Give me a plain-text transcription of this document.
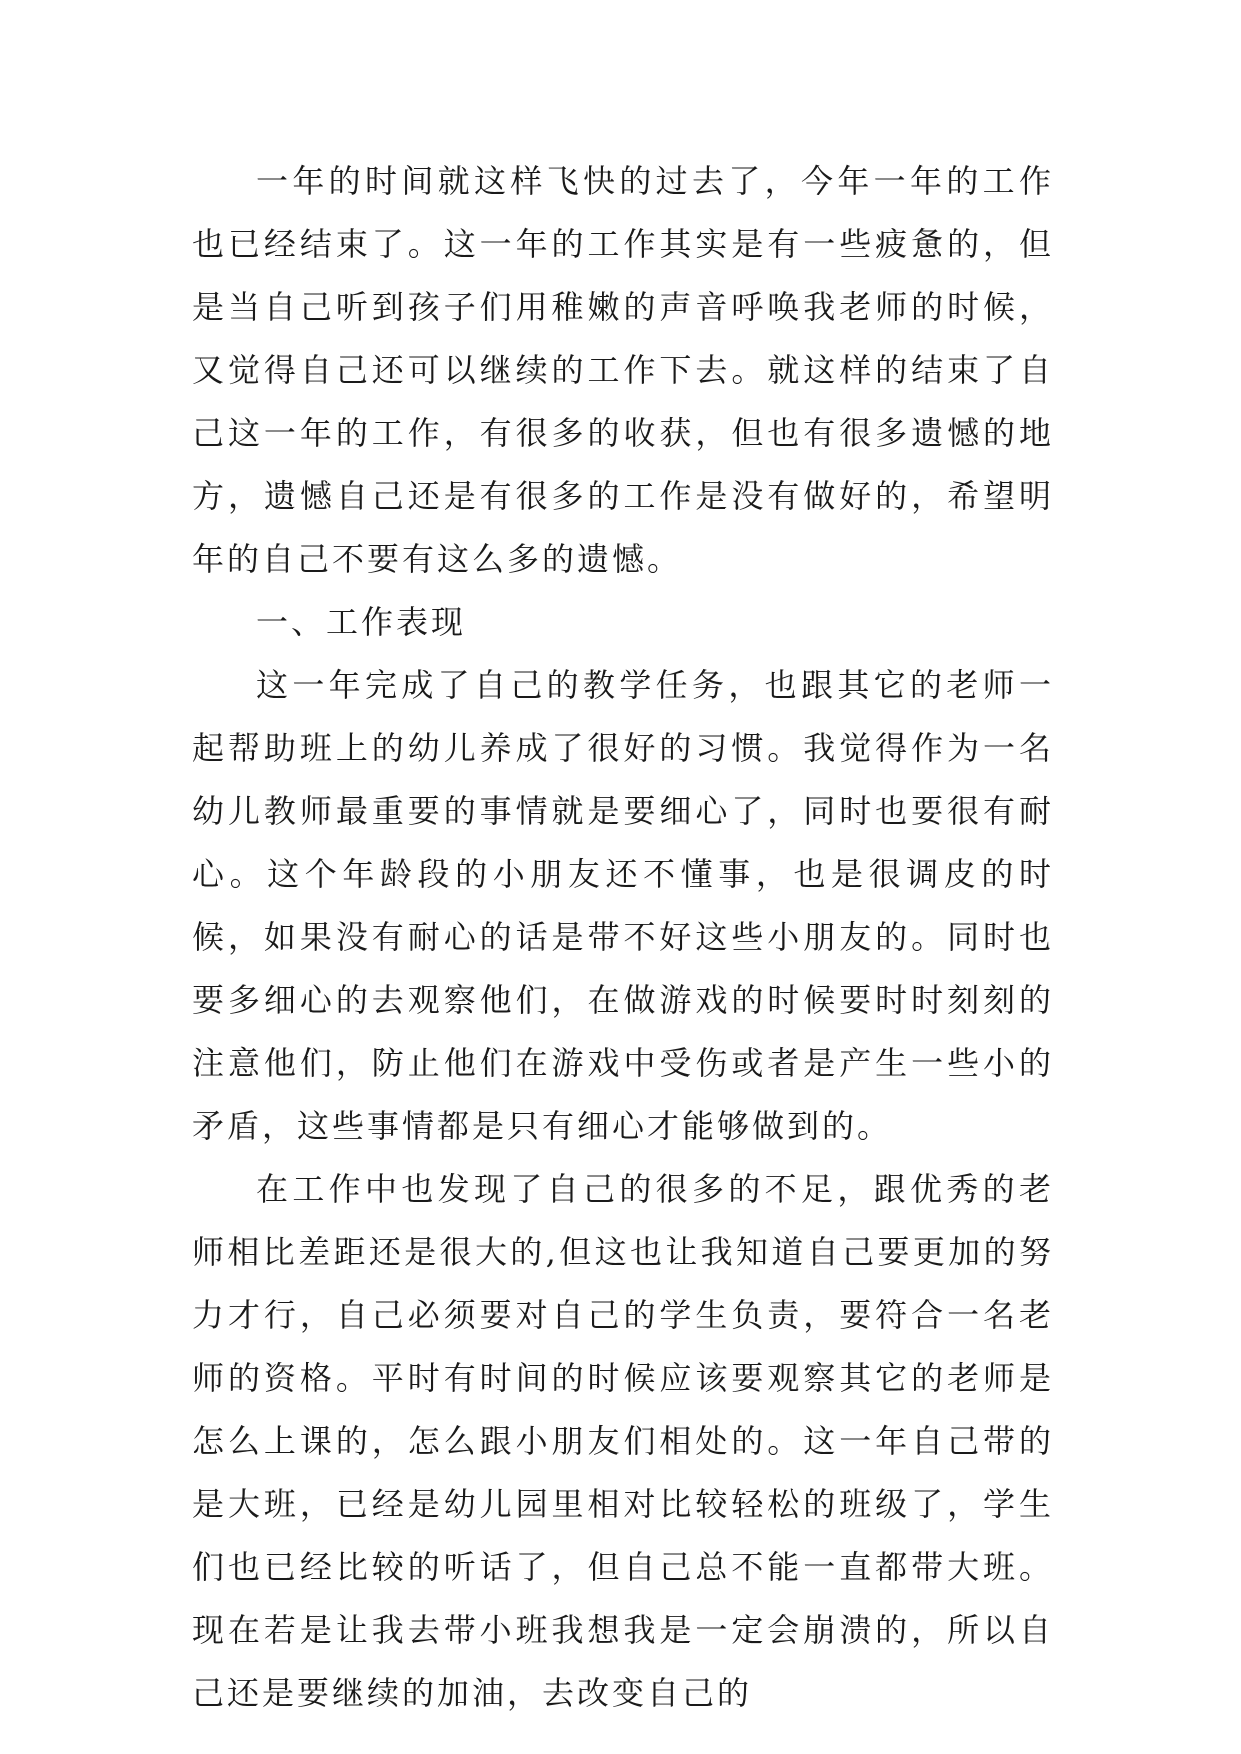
一年的时间就这样飞快的过去了，今年一年的工作也已经结束了。这一年的工作其实是有一些疲惫的，但是当自己听到孩子们用稚嫩的声音呼唤我老师的时候，又觉得自己还可以继续的工作下去。就这样的结束了自己这一年的工作，有很多的收获，但也有很多遗憾的地方，遗憾自己还是有很多的工作是没有做好的，希望明年的自己不要有这么多的遗憾。

一、工作表现

这一年完成了自己的教学任务，也跟其它的老师一起帮助班上的幼儿养成了很好的习惯。我觉得作为一名幼儿教师最重要的事情就是要细心了，同时也要很有耐心。这个年龄段的小朋友还不懂事，也是很调皮的时候，如果没有耐心的话是带不好这些小朋友的。同时也要多细心的去观察他们，在做游戏的时候要时时刻刻的注意他们，防止他们在游戏中受伤或者是产生一些小的矛盾，这些事情都是只有细心才能够做到的。

在工作中也发现了自己的很多的不足，跟优秀的老师相比差距还是很大的,但这也让我知道自己要更加的努力才行，自己必须要对自己的学生负责，要符合一名老师的资格。平时有时间的时候应该要观察其它的老师是怎么上课的，怎么跟小朋友们相处的。这一年自己带的是大班，已经是幼儿园里相对比较轻松的班级了，学生们也已经比较的听话了，但自己总不能一直都带大班。现在若是让我去带小班我想我是一定会崩溃的，所以自己还是要继续的加油，去改变自己的
